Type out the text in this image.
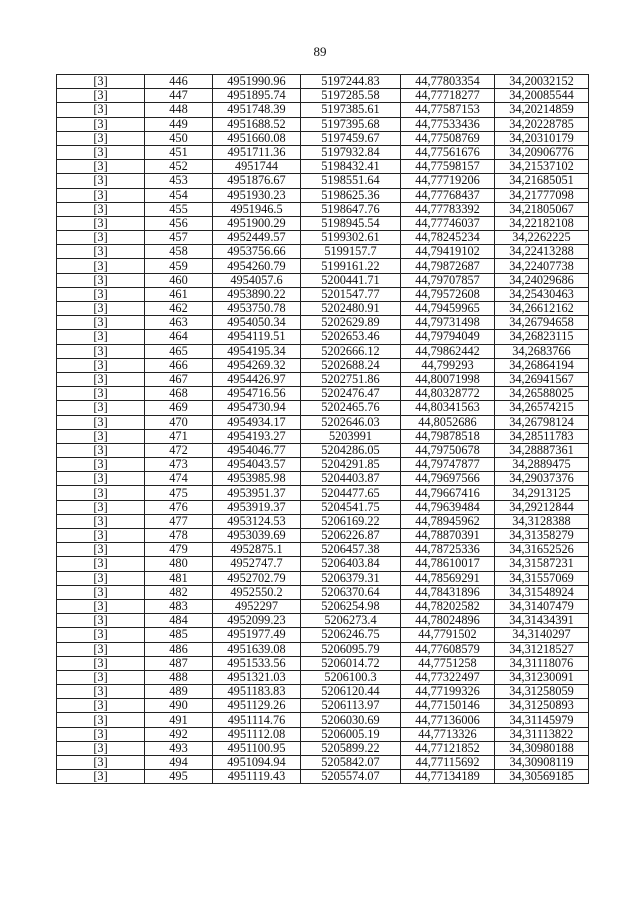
89
[3]	446	4951990.96	5197244.83	44,77803354	34,20032152
[3]	447	4951895.74	5197285.58	44,77718277	34,20085544
[3]	448	4951748.39	5197385.61	44,77587153	34,20214859
[3]	449	4951688.52	5197395.68	44,77533436	34,20228785
[3]	450	4951660.08	5197459.67	44,77508769	34,20310179
[3]	451	4951711.36	5197932.84	44,77561676	34,20906776
[3]	452	4951744	5198432.41	44,77598157	34,21537102
[3]	453	4951876.67	5198551.64	44,77719206	34,21685051
[3]	454	4951930.23	5198625.36	44,77768437	34,21777098
[3]	455	4951946.5	5198647.76	44,77783392	34,21805067
[3]	456	4951900.29	5198945.54	44,77746037	34,22182108
[3]	457	4952449.57	5199302.61	44,78245234	34,2262225
[3]	458	4953756.66	5199157.7	44,79419102	34,22413288
[3]	459	4954260.79	5199161.22	44,79872687	34,22407738
[3]	460	4954057.6	5200441.71	44,79707857	34,24029686
[3]	461	4953890.22	5201547.77	44,79572608	34,25430463
[3]	462	4953750.78	5202480.91	44,79459965	34,26612162
[3]	463	4954050.34	5202629.89	44,79731498	34,26794658
[3]	464	4954119.51	5202653.46	44,79794049	34,26823115
[3]	465	4954195.34	5202666.12	44,79862442	34,2683766
[3]	466	4954269.32	5202688.24	44,799293	34,26864194
[3]	467	4954426.97	5202751.86	44,80071998	34,26941567
[3]	468	4954716.56	5202476.47	44,80328772	34,26588025
[3]	469	4954730.94	5202465.76	44,80341563	34,26574215
[3]	470	4954934.17	5202646.03	44,8052686	34,26798124
[3]	471	4954193.27	5203991	44,79878518	34,28511783
[3]	472	4954046.77	5204286.05	44,79750678	34,28887361
[3]	473	4954043.57	5204291.85	44,79747877	34,2889475
[3]	474	4953985.98	5204403.87	44,79697566	34,29037376
[3]	475	4953951.37	5204477.65	44,79667416	34,2913125
[3]	476	4953919.37	5204541.75	44,79639484	34,29212844
[3]	477	4953124.53	5206169.22	44,78945962	34,3128388
[3]	478	4953039.69	5206226.87	44,78870391	34,31358279
[3]	479	4952875.1	5206457.38	44,78725336	34,31652526
[3]	480	4952747.7	5206403.84	44,78610017	34,31587231
[3]	481	4952702.79	5206379.31	44,78569291	34,31557069
[3]	482	4952550.2	5206370.64	44,78431896	34,31548924
[3]	483	4952297	5206254.98	44,78202582	34,31407479
[3]	484	4952099.23	5206273.4	44,78024896	34,31434391
[3]	485	4951977.49	5206246.75	44,7791502	34,3140297
[3]	486	4951639.08	5206095.79	44,77608579	34,31218527
[3]	487	4951533.56	5206014.72	44,7751258	34,31118076
[3]	488	4951321.03	5206100.3	44,77322497	34,31230091
[3]	489	4951183.83	5206120.44	44,77199326	34,31258059
[3]	490	4951129.26	5206113.97	44,77150146	34,31250893
[3]	491	4951114.76	5206030.69	44,77136006	34,31145979
[3]	492	4951112.08	5206005.19	44,7713326	34,31113822
[3]	493	4951100.95	5205899.22	44,77121852	34,30980188
[3]	494	4951094.94	5205842.07	44,77115692	34,30908119
[3]	495	4951119.43	5205574.07	44,77134189	34,30569185
